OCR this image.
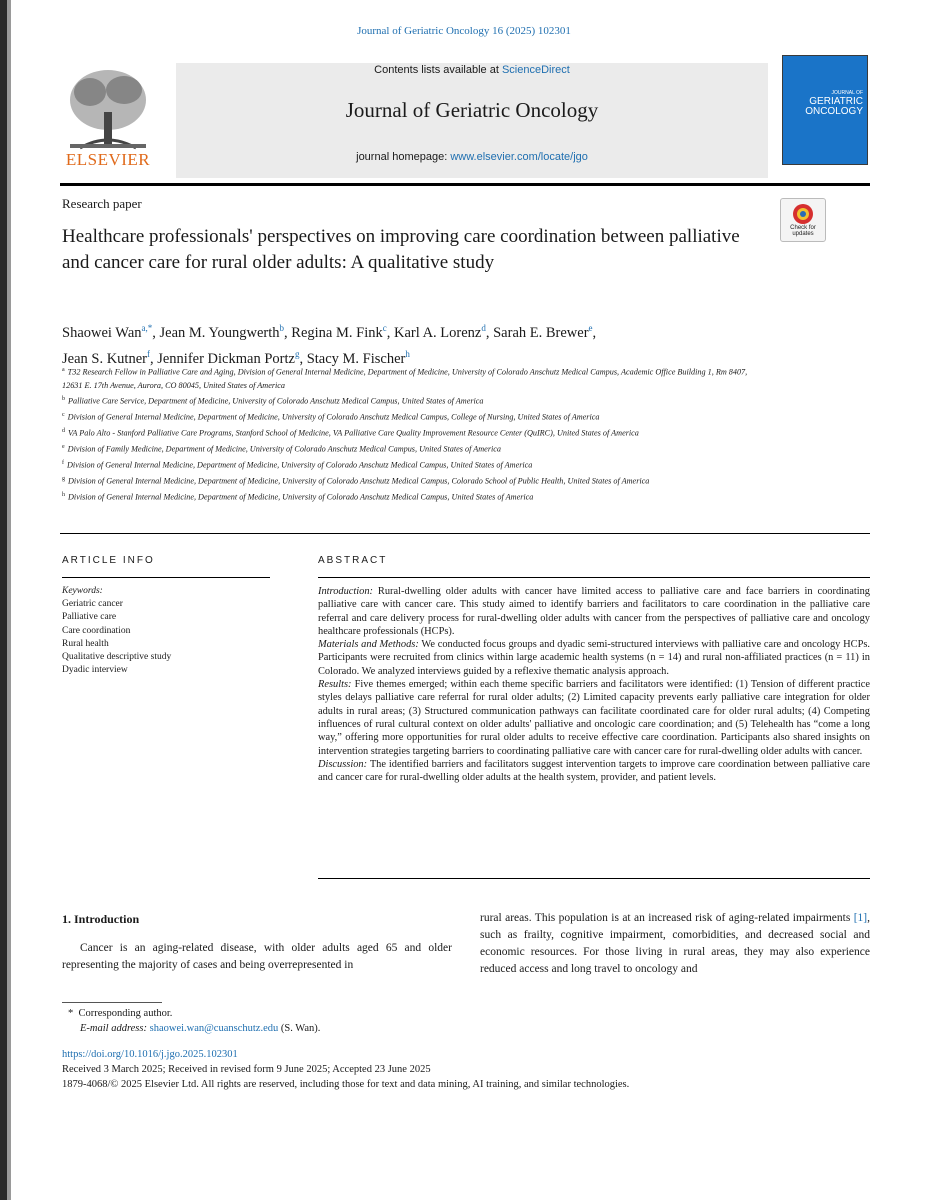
Journal of Geriatric Oncology 16 (2025) 102301
Contents lists available at ScienceDirect
Journal of Geriatric Oncology
journal homepage: www.elsevier.com/locate/jgo
ELSEVIER
JOURNAL OF
GERIATRIC
ONCOLOGY
Research paper
Check for updates
Healthcare professionals' perspectives on improving care coordination between palliative and cancer care for rural older adults: A qualitative study
Shaowei Wan$^{a,*}$, Jean M. Youngwerth$^b$, Regina M. Fink$^c$, Karl A. Lorenz$^d$, Sarah E. Brewer$^e$,
Jean S. Kutner$^f$, Jennifer Dickman Portz$^g$, Stacy M. Fischer$^h$
$^a$ T32 Research Fellow in Palliative Care and Aging, Division of General Internal Medicine, Department of Medicine, University of Colorado Anschutz Medical Campus, Academic Office Building 1, Rm 8407, 12631 E. 17th Avenue, Aurora, CO 80045, United States of America
$^b$ Palliative Care Service, Department of Medicine, University of Colorado Anschutz Medical Campus, United States of America
$^c$ Division of General Internal Medicine, Department of Medicine, University of Colorado Anschutz Medical Campus, College of Nursing, United States of America
$^d$ VA Palo Alto - Stanford Palliative Care Programs, Stanford School of Medicine, VA Palliative Care Quality Improvement Resource Center (QuIRC), United States of America
$^e$ Division of Family Medicine, Department of Medicine, University of Colorado Anschutz Medical Campus, United States of America
$^f$ Division of General Internal Medicine, Department of Medicine, University of Colorado Anschutz Medical Campus, United States of America
$^g$ Division of General Internal Medicine, Department of Medicine, University of Colorado Anschutz Medical Campus, Colorado School of Public Health, United States of America
$^h$ Division of General Internal Medicine, Department of Medicine, University of Colorado Anschutz Medical Campus, United States of America
ARTICLE INFO
Keywords:
Geriatric cancer
Palliative care
Care coordination
Rural health
Qualitative descriptive study
Dyadic interview
ABSTRACT
Introduction: Rural-dwelling older adults with cancer have limited access to palliative care and face barriers in coordinating palliative care with cancer care. This study aimed to identify barriers and facilitators to care coordination in the palliative care referral and care delivery process for rural-dwelling older adults with cancer from the perspectives of palliative care and oncology healthcare professionals (HCPs).
Materials and Methods: We conducted focus groups and dyadic semi-structured interviews with palliative care and oncology HCPs. Participants were recruited from clinics within large academic health systems (n = 14) and rural non-affiliated practices (n = 11) in Colorado. We analyzed interviews guided by a reflexive thematic analysis approach.
Results: Five themes emerged; within each theme specific barriers and facilitators were identified: (1) Tension of different practice styles delays palliative care referral for rural older adults; (2) Limited capacity prevents early palliative care integration for older adults in rural areas; (3) Structured communication pathways can facilitate coordinated care for older rural adults; (4) Competing influences of rural cultural context on older adults' palliative and oncologic care coordination; and (5) Telehealth has “come a long way,” offering more opportunities for rural older adults to receive effective care coordination. Participants also shared insights on intervention strategies targeting barriers to coordinating palliative care with cancer care for rural-dwelling older adults with cancer.
Discussion: The identified barriers and facilitators suggest intervention targets to improve care coordination between palliative care and cancer care for rural-dwelling older adults at the health system, provider, and patient levels.
1. Introduction
Cancer is an aging-related disease, with older adults aged 65 and older representing the majority of cases and being overrepresented in
rural areas. This population is at an increased risk of aging-related impairments [1], such as frailty, cognitive impairment, comorbidities, and decreased social and economic resources. For those living in rural areas, they may also experience reduced access and long travel to oncology and
*  Corresponding author.
E-mail address: shaowei.wan@cuanschutz.edu (S. Wan).
https://doi.org/10.1016/j.jgo.2025.102301
Received 3 March 2025; Received in revised form 9 June 2025; Accepted 23 June 2025
1879-4068/© 2025 Elsevier Ltd. All rights are reserved, including those for text and data mining, AI training, and similar technologies.
